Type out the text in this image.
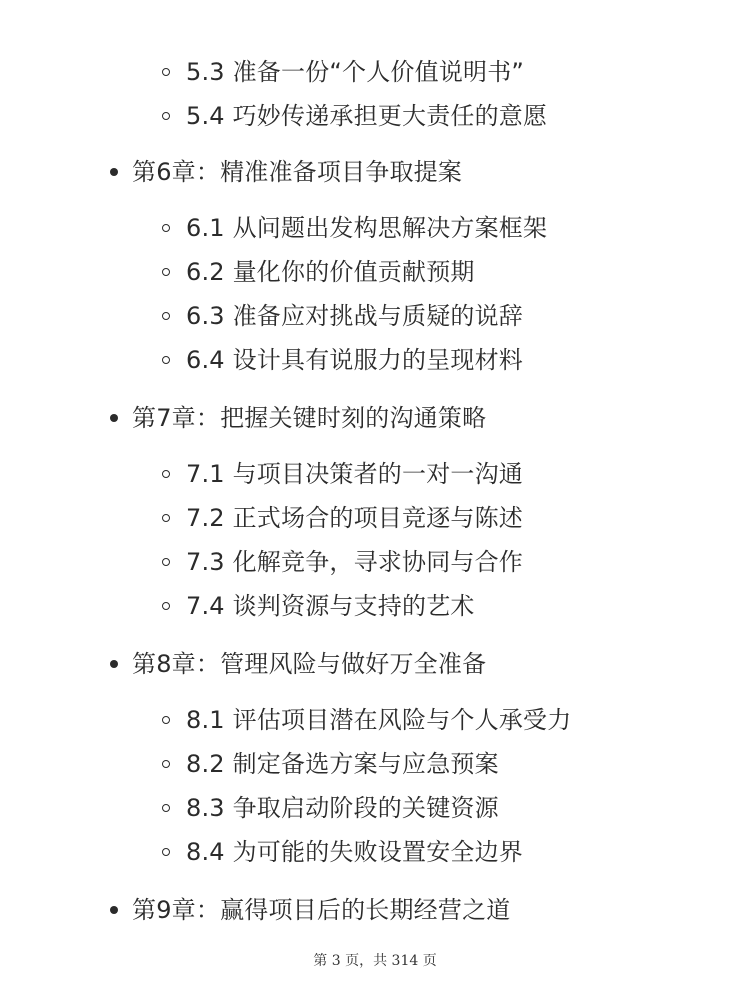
5.3 准备一份“个人价值说明书”
5.4 巧妙传递承担更大责任的意愿
第6章：精准准备项目争取提案
6.1 从问题出发构思解决方案框架
6.2 量化你的价值贡献预期
6.3 准备应对挑战与质疑的说辞
6.4 设计具有说服力的呈现材料
第7章：把握关键时刻的沟通策略
7.1 与项目决策者的一对一沟通
7.2 正式场合的项目竞逐与陈述
7.3 化解竞争，寻求协同与合作
7.4 谈判资源与支持的艺术
第8章：管理风险与做好万全准备
8.1 评估项目潜在风险与个人承受力
8.2 制定备选方案与应急预案
8.3 争取启动阶段的关键资源
8.4 为可能的失败设置安全边界
第9章：赢得项目后的长期经营之道
第 3 页，共 314 页
